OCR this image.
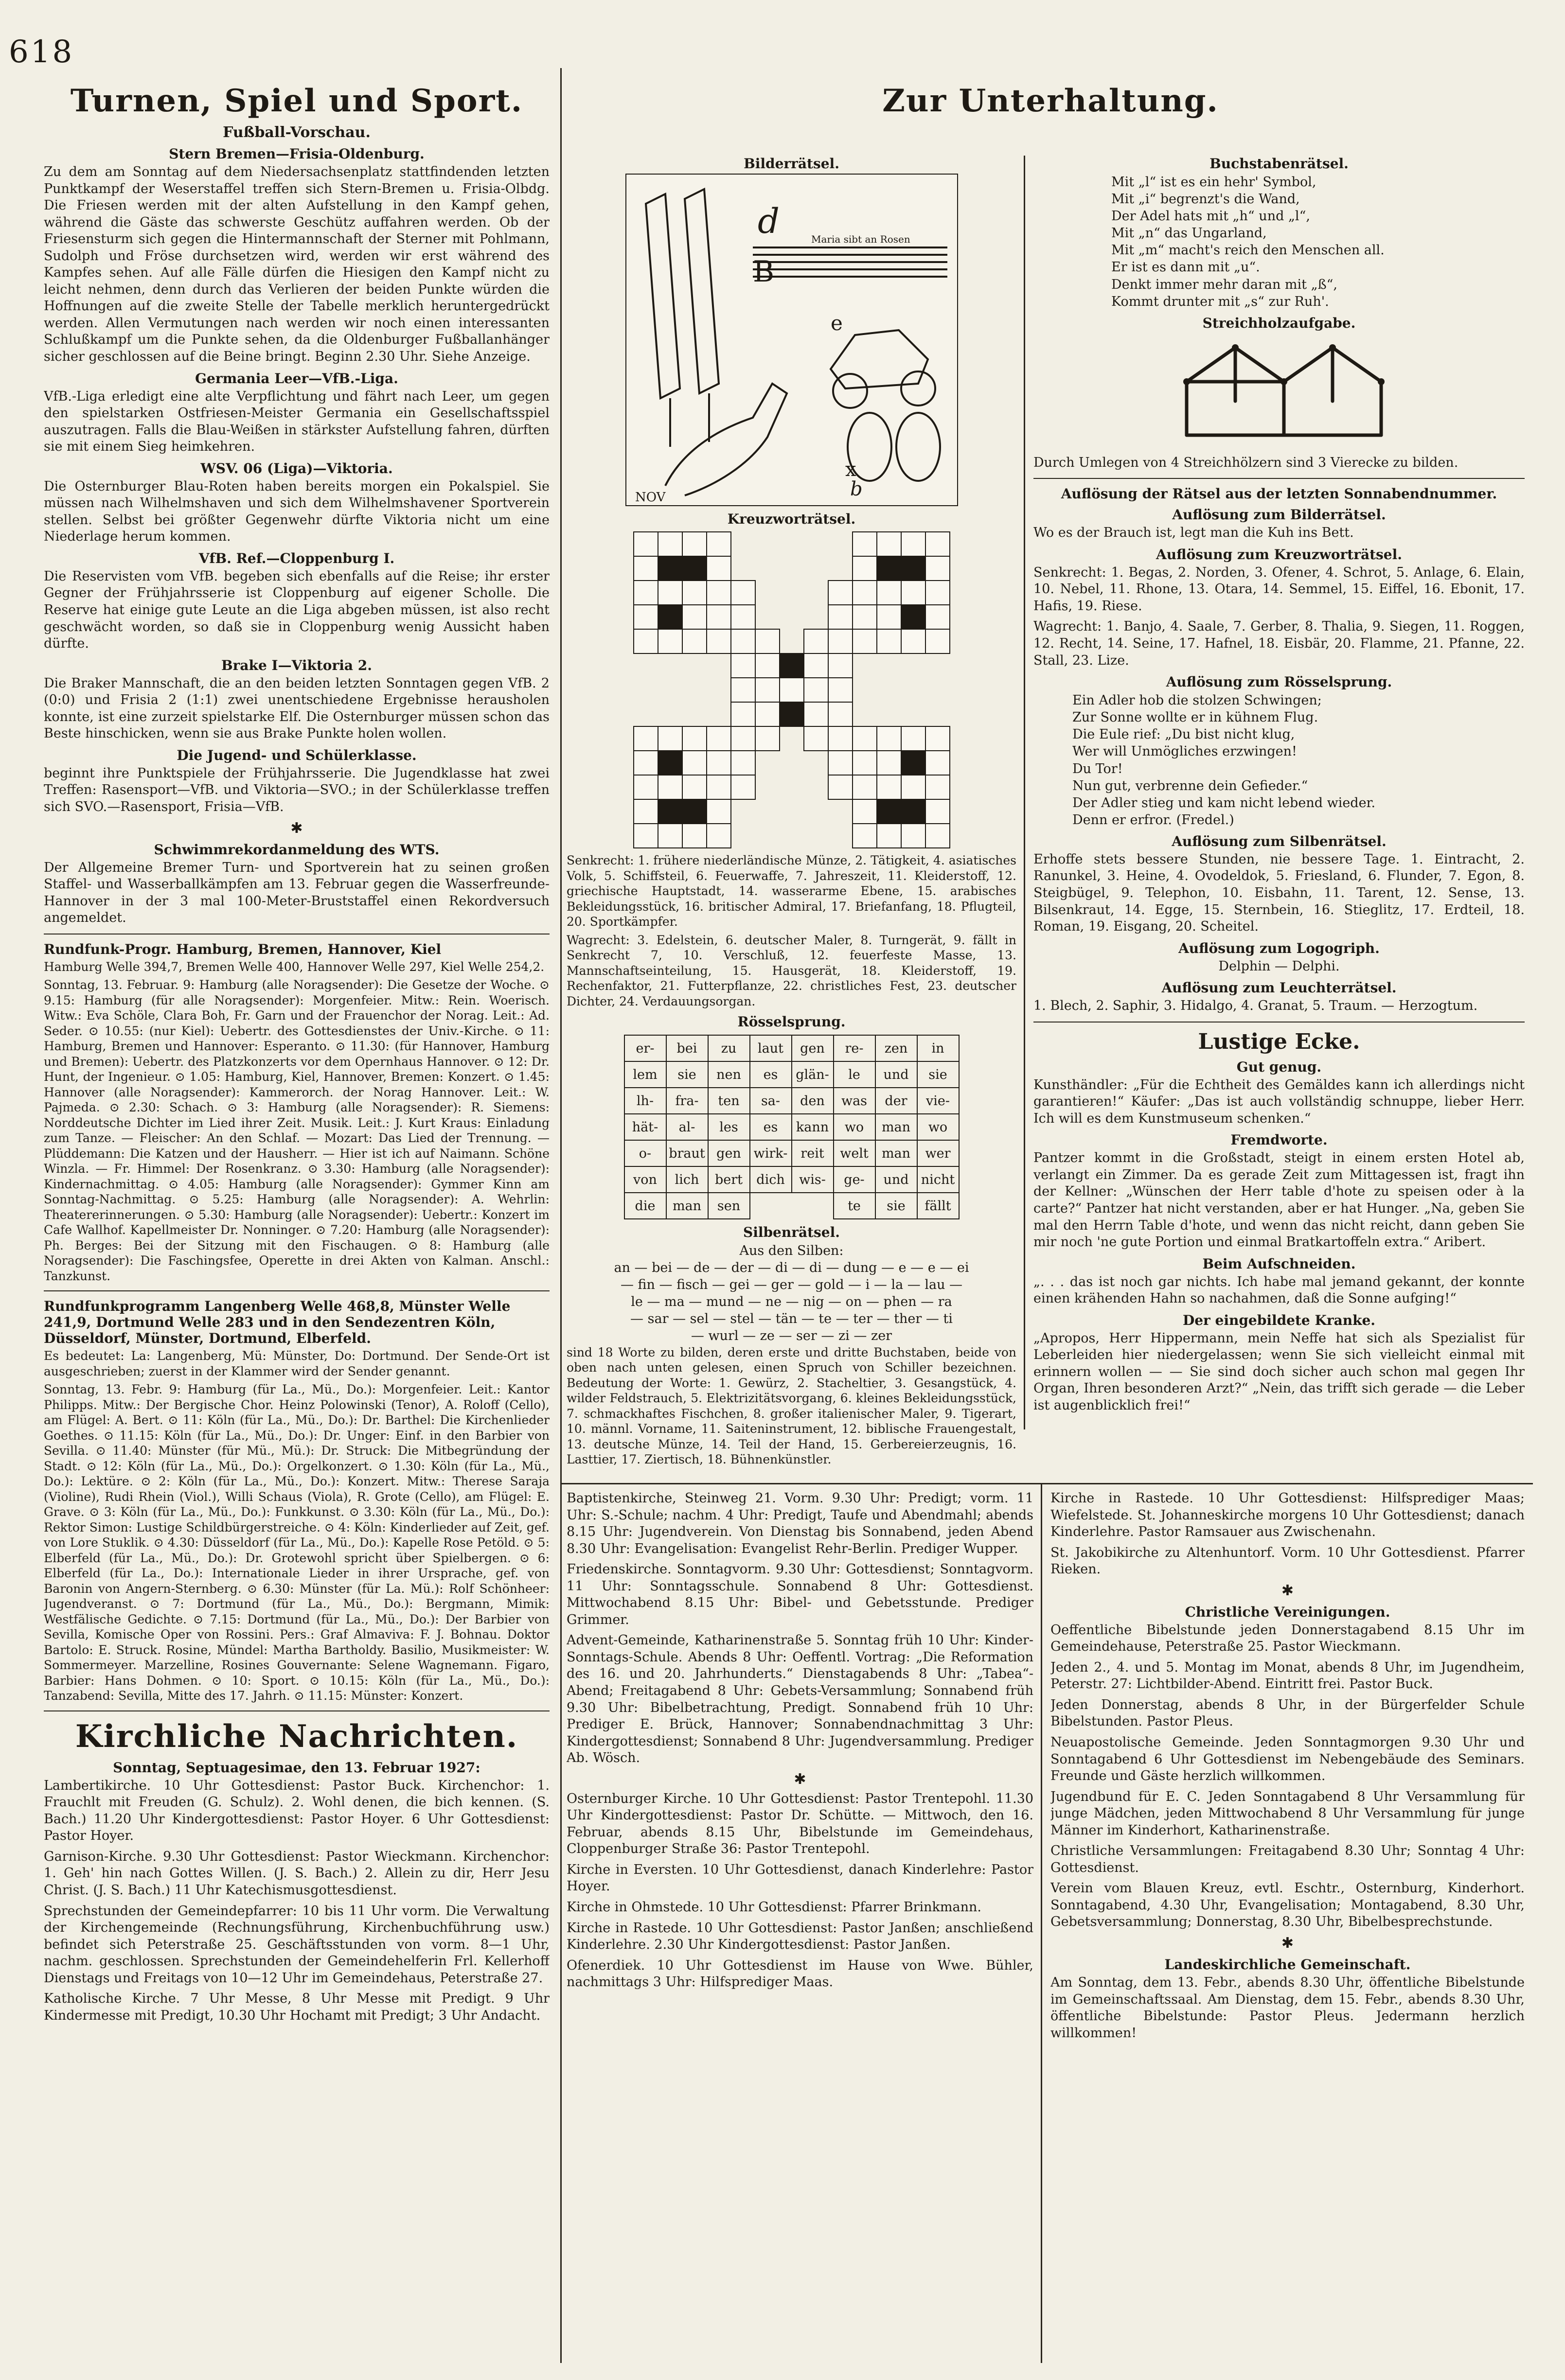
618
Turnen, Spiel und Sport.
Fußball-Vorschau.
Stern Bremen—Frisia-Oldenburg.

Zu dem am Sonntag auf dem Niedersachsenplatz stattfindenden letzten Punktkampf der Weserstaffel treffen sich Stern-Bremen u. Frisia-Olbdg. Die Friesen werden mit der alten Aufstellung in den Kampf gehen, während die Gäste das schwerste Geschütz auffahren werden. Ob der Friesensturm sich gegen die Hintermannschaft der Sterner mit Pohlmann, Sudolph und Fröse durchsetzen wird, werden wir erst während des Kampfes sehen. Auf alle Fälle dürfen die Hiesigen den Kampf nicht zu leicht nehmen, denn durch das Verlieren der beiden Punkte würden die Hoffnungen auf die zweite Stelle der Tabelle merklich heruntergedrückt werden. Allen Vermutungen nach werden wir noch einen interessanten Schlußkampf um die Punkte sehen, da die Oldenburger Fußballanhänger sicher geschlossen auf die Beine bringt. Beginn 2.30 Uhr. Siehe Anzeige.

Germania Leer—VfB.-Liga.

VfB.-Liga erledigt eine alte Verpflichtung und fährt nach Leer, um gegen den spielstarken Ostfriesen-Meister Germania ein Gesellschaftsspiel auszutragen. Falls die Blau-Weißen in stärkster Aufstellung fahren, dürften sie mit einem Sieg heimkehren.

WSV. 06 (Liga)—Viktoria.

Die Osternburger Blau-Roten haben bereits morgen ein Pokalspiel. Sie müssen nach Wilhelmshaven und sich dem Wilhelmshavener Sportverein stellen. Selbst bei größter Gegenwehr dürfte Viktoria nicht um eine Niederlage herum kommen.

VfB. Ref.—Cloppenburg I.

Die Reservisten vom VfB. begeben sich ebenfalls auf die Reise; ihr erster Gegner der Frühjahrsserie ist Cloppenburg auf eigener Scholle. Die Reserve hat einige gute Leute an die Liga abgeben müssen, ist also recht geschwächt worden, so daß sie in Cloppenburg wenig Aussicht haben dürfte.

Brake I—Viktoria 2.

Die Braker Mannschaft, die an den beiden letzten Sonntagen gegen VfB. 2 (0:0) und Frisia 2 (1:1) zwei unentschiedene Ergebnisse herausholen konnte, ist eine zurzeit spielstarke Elf. Die Osternburger müssen schon das Beste hinschicken, wenn sie aus Brake Punkte holen wollen.

Die Jugend- und Schülerklasse.

beginnt ihre Punktspiele der Frühjahrsserie. Die Jugendklasse hat zwei Treffen: Rasensport—VfB. und Viktoria—SVO.; in der Schülerklasse treffen sich SVO.—Rasensport, Frisia—VfB.

✱
Schwimmrekordanmeldung des WTS.

Der Allgemeine Bremer Turn- und Sportverein hat zu seinen großen Staffel- und Wasserballkämpfen am 13. Februar gegen die Wasserfreunde-Hannover in der 3 mal 100-Meter-Bruststaffel einen Rekordversuch angemeldet.

Rundfunk-Progr. Hamburg, Bremen, Hannover, Kiel

Hamburg Welle 394,7, Bremen Welle 400, Hannover Welle 297, Kiel Welle 254,2.

Sonntag, 13. Februar. 9: Hamburg (alle Noragsender): Die Gesetze der Woche. ⊙ 9.15: Hamburg (für alle Noragsender): Morgenfeier. Mitw.: Rein. Woerisch. Witw.: Eva Schöle, Clara Boh, Fr. Garn und der Frauenchor der Norag. Leit.: Ad. Seder. ⊙ 10.55: (nur Kiel): Uebertr. des Gottesdienstes der Univ.-Kirche. ⊙ 11: Hamburg, Bremen und Hannover: Esperanto. ⊙ 11.30: (für Hannover, Hamburg und Bremen): Uebertr. des Platzkonzerts vor dem Opernhaus Hannover. ⊙ 12: Dr. Hunt, der Ingenieur. ⊙ 1.05: Hamburg, Kiel, Hannover, Bremen: Konzert. ⊙ 1.45: Hannover (alle Noragsender): Kammerorch. der Norag Hannover. Leit.: W. Pajmeda. ⊙ 2.30: Schach. ⊙ 3: Hamburg (alle Noragsender): R. Siemens: Norddeutsche Dichter im Lied ihrer Zeit. Musik. Leit.: J. Kurt Kraus: Einladung zum Tanze. — Fleischer: An den Schlaf. — Mozart: Das Lied der Trennung. — Plüddemann: Die Katzen und der Hausherr. — Hier ist ich auf Naimann. Schöne Winzla. — Fr. Himmel: Der Rosenkranz. ⊙ 3.30: Hamburg (alle Noragsender): Kindernachmittag. ⊙ 4.05: Hamburg (alle Noragsender): Gymmer Kinn am Sonntag-Nachmittag. ⊙ 5.25: Hamburg (alle Noragsender): A. Wehrlin: Theatererinnerungen. ⊙ 5.30: Hamburg (alle Noragsender): Uebertr.: Konzert im Cafe Wallhof. Kapellmeister Dr. Nonninger. ⊙ 7.20: Hamburg (alle Noragsender): Ph. Berges: Bei der Sitzung mit den Fischaugen. ⊙ 8: Hamburg (alle Noragsender): Die Faschingsfee, Operette in drei Akten von Kalman. Anschl.: Tanzkunst.

Rundfunkprogramm Langenberg Welle 468,8, Münster Welle 241,9, Dortmund Welle 283 und in den Sendezentren Köln, Düsseldorf, Münster, Dortmund, Elberfeld.

Es bedeutet: La: Langenberg, Mü: Münster, Do: Dortmund. Der Sende-Ort ist ausgeschrieben; zuerst in der Klammer wird der Sender genannt.

Sonntag, 13. Febr. 9: Hamburg (für La., Mü., Do.): Morgenfeier. Leit.: Kantor Philipps. Mitw.: Der Bergische Chor. Heinz Polowinski (Tenor), A. Roloff (Cello), am Flügel: A. Bert. ⊙ 11: Köln (für La., Mü., Do.): Dr. Barthel: Die Kirchenlieder Goethes. ⊙ 11.15: Köln (für La., Mü., Do.): Dr. Unger: Einf. in den Barbier von Sevilla. ⊙ 11.40: Münster (für Mü., Mü.): Dr. Struck: Die Mitbegründung der Stadt. ⊙ 12: Köln (für La., Mü., Do.): Orgelkonzert. ⊙ 1.30: Köln (für La., Mü., Do.): Lektüre. ⊙ 2: Köln (für La., Mü., Do.): Konzert. Mitw.: Therese Saraja (Violine), Rudi Rhein (Viol.), Willi Schaus (Viola), R. Grote (Cello), am Flügel: E. Grave. ⊙ 3: Köln (für La., Mü., Do.): Funkkunst. ⊙ 3.30: Köln (für La., Mü., Do.): Rektor Simon: Lustige Schildbürgerstreiche. ⊙ 4: Köln: Kinderlieder auf Zeit, gef. von Lore Stuklik. ⊙ 4.30: Düsseldorf (für La., Mü., Do.): Kapelle Rose Petöld. ⊙ 5: Elberfeld (für La., Mü., Do.): Dr. Grotewohl spricht über Spielbergen. ⊙ 6: Elberfeld (für La., Do.): Internationale Lieder in ihrer Ursprache, gef. von Baronin von Angern-Sternberg. ⊙ 6.30: Münster (für La. Mü.): Rolf Schönheer: Jugendveranst. ⊙ 7: Dortmund (für La., Mü., Do.): Bergmann, Mimik: Westfälische Gedichte. ⊙ 7.15: Dortmund (für La., Mü., Do.): Der Barbier von Sevilla, Komische Oper von Rossini. Pers.: Graf Almaviva: F. J. Bohnau. Doktor Bartolo: E. Struck. Rosine, Mündel: Martha Bartholdy. Basilio, Musikmeister: W. Sommermeyer. Marzelline, Rosines Gouvernante: Selene Wagnemann. Figaro, Barbier: Hans Dohmen. ⊙ 10: Sport. ⊙ 10.15: Köln (für La., Mü., Do.): Tanzabend: Sevilla, Mitte des 17. Jahrh. ⊙ 11.15: Münster: Konzert.

Kirchliche Nachrichten.
Sonntag, Septuagesimae, den 13. Februar 1927:

Lambertikirche. 10 Uhr Gottesdienst: Pastor Buck. Kirchenchor: 1. Frauchlt mit Freuden (G. Schulz). 2. Wohl denen, die bich kennen. (S. Bach.) 11.20 Uhr Kindergottesdienst: Pastor Hoyer. 6 Uhr Gottesdienst: Pastor Hoyer.

Garnison-Kirche. 9.30 Uhr Gottesdienst: Pastor Wieckmann. Kirchenchor: 1. Geh' hin nach Gottes Willen. (J. S. Bach.) 2. Allein zu dir, Herr Jesu Christ. (J. S. Bach.) 11 Uhr Katechismusgottesdienst.

Sprechstunden der Gemeindepfarrer: 10 bis 11 Uhr vorm. Die Verwaltung der Kirchengemeinde (Rechnungsführung, Kirchenbuchführung usw.) befindet sich Peterstraße 25. Geschäftsstunden von vorm. 8—1 Uhr, nachm. geschlossen. Sprechstunden der Gemeindehelferin Frl. Kellerhoff Dienstags und Freitags von 10—12 Uhr im Gemeindehaus, Peterstraße 27.

Katholische Kirche. 7 Uhr Messe, 8 Uhr Messe mit Predigt. 9 Uhr Kindermesse mit Predigt, 10.30 Uhr Hochamt mit Predigt; 3 Uhr Andacht.

Zur Unterhaltung.
Bilderrätsel.
d
B
Maria sibt an Rosen
e
x
b
NOV
Kreuzworträtsel.

Senkrecht: 1. frühere niederländische Münze, 2. Tätigkeit, 4. asiatisches Volk, 5. Schiffsteil, 6. Feuerwaffe, 7. Jahreszeit, 11. Kleiderstoff, 12. griechische Hauptstadt, 14. wasserarme Ebene, 15. arabisches Bekleidungsstück, 16. britischer Admiral, 17. Briefanfang, 18. Pflugteil, 20. Sportkämpfer.

Wagrecht: 3. Edelstein, 6. deutscher Maler, 8. Turngerät, 9. fällt in Senkrecht 7, 10. Verschluß, 12. feuerfeste Masse, 13. Mannschaftseinteilung, 15. Hausgerät, 18. Kleiderstoff, 19. Rechenfaktor, 21. Futterpflanze, 22. christliches Fest, 23. deutscher Dichter, 24. Verdauungsorgan.

Rösselsprung.
er-	bei	zu	laut	gen	re-	zen	in
lem	sie	nen	es	glän-	le	und	sie
lh-	fra-	ten	sa-	den	was	der	vie-
hät-	al-	les	es	kann	wo	man	wo
o-	braut	gen	wirk-	reit	welt	man	wer
von	lich	bert	dich	wis-	ge-	und	nicht
die	man	sen			te	sie	fällt
Silbenrätsel.
Aus den Silben:
an — bei — de — der — di — di — dung — e — e — ei
— fin — fisch — gei — ger — gold — i — la — lau —
le — ma — mund — ne — nig — on — phen — ra
— sar — sel — stel — tän — te — ter — ther — ti
— wurl — ze — ser — zi — zer

sind 18 Worte zu bilden, deren erste und dritte Buchstaben, beide von oben nach unten gelesen, einen Spruch von Schiller bezeichnen. Bedeutung der Worte: 1. Gewürz, 2. Stacheltier, 3. Gesangstück, 4. wilder Feldstrauch, 5. Elektrizitätsvorgang, 6. kleines Bekleidungsstück, 7. schmackhaftes Fischchen, 8. großer italienischer Maler, 9. Tigerart, 10. männl. Vorname, 11. Saiteninstrument, 12. biblische Frauengestalt, 13. deutsche Münze, 14. Teil der Hand, 15. Gerbereierzeugnis, 16. Lasttier, 17. Ziertisch, 18. Bühnenkünstler.

Buchstabenrätsel.
Mit „l“ ist es ein hehr' Symbol,
Mit „i“ begrenzt's die Wand,
Der Adel hats mit „h“ und „l“,
Mit „n“ das Ungarland,
Mit „m“ macht's reich den Menschen all.
Er ist es dann mit „u“.
Denkt immer mehr daran mit „ß“,
Kommt drunter mit „s“ zur Ruh'.
Streichholzaufgabe.

Durch Umlegen von 4 Streichhölzern sind 3 Vierecke zu bilden.

Auflösung der Rätsel aus der letzten Sonnabendnummer.
Auflösung zum Bilderrätsel.

Wo es der Brauch ist, legt man die Kuh ins Bett.

Auflösung zum Kreuzworträtsel.

Senkrecht: 1. Begas, 2. Norden, 3. Ofener, 4. Schrot, 5. Anlage, 6. Elain, 10. Nebel, 11. Rhone, 13. Otara, 14. Semmel, 15. Eiffel, 16. Ebonit, 17. Hafis, 19. Riese.

Wagrecht: 1. Banjo, 4. Saale, 7. Gerber, 8. Thalia, 9. Siegen, 11. Roggen, 12. Recht, 14. Seine, 17. Hafnel, 18. Eisbär, 20. Flamme, 21. Pfanne, 22. Stall, 23. Lize.

Auflösung zum Rösselsprung.
Ein Adler hob die stolzen Schwingen;
Zur Sonne wollte er in kühnem Flug.
Die Eule rief: „Du bist nicht klug,
Wer will Unmögliches erzwingen!
Du Tor!
Nun gut, verbrenne dein Gefieder.“
Der Adler stieg und kam nicht lebend wieder.
Denn er erfror. (Fredel.)
Auflösung zum Silbenrätsel.

Erhoffe stets bessere Stunden, nie bessere Tage. 1. Eintracht, 2. Ranunkel, 3. Heine, 4. Ovodeldok, 5. Friesland, 6. Flunder, 7. Egon, 8. Steigbügel, 9. Telephon, 10. Eisbahn, 11. Tarent, 12. Sense, 13. Bilsenkraut, 14. Egge, 15. Sternbein, 16. Stieglitz, 17. Erdteil, 18. Roman, 19. Eisgang, 20. Scheitel.

Auflösung zum Logogriph.

Delphin — Delphi.

Auflösung zum Leuchterrätsel.

1. Blech, 2. Saphir, 3. Hidalgo, 4. Granat, 5. Traum. — Herzogtum.

Lustige Ecke.
Gut genug.

Kunsthändler: „Für die Echtheit des Gemäldes kann ich allerdings nicht garantieren!“ Käufer: „Das ist auch vollständig schnuppe, lieber Herr. Ich will es dem Kunstmuseum schenken.“

Fremdworte.

Pantzer kommt in die Großstadt, steigt in einem ersten Hotel ab, verlangt ein Zimmer. Da es gerade Zeit zum Mittagessen ist, fragt ihn der Kellner: „Wünschen der Herr table d'hote zu speisen oder à la carte?“ Pantzer hat nicht verstanden, aber er hat Hunger. „Na, geben Sie mal den Herrn Table d'hote, und wenn das nicht reicht, dann geben Sie mir noch 'ne gute Portion und einmal Bratkartoffeln extra.“ Aribert.

Beim Aufschneiden.

„. . . das ist noch gar nichts. Ich habe mal jemand gekannt, der konnte einen krähenden Hahn so nachahmen, daß die Sonne aufging!“

Der eingebildete Kranke.

„Apropos, Herr Hippermann, mein Neffe hat sich als Spezialist für Leberleiden hier niedergelassen; wenn Sie sich vielleicht einmal mit erinnern wollen — — Sie sind doch sicher auch schon mal gegen Ihr Organ, Ihren besonderen Arzt?“ „Nein, das trifft sich gerade — die Leber ist augenblicklich frei!“

Baptistenkirche, Steinweg 21. Vorm. 9.30 Uhr: Predigt; vorm. 11 Uhr: S.-Schule; nachm. 4 Uhr: Predigt, Taufe und Abendmahl; abends 8.15 Uhr: Jugendverein. Von Dienstag bis Sonnabend, jeden Abend 8.30 Uhr: Evangelisation: Evangelist Rehr-Berlin. Prediger Wupper.

Friedenskirche. Sonntagvorm. 9.30 Uhr: Gottesdienst; Sonntagvorm. 11 Uhr: Sonntagsschule. Sonnabend 8 Uhr: Gottesdienst. Mittwochabend 8.15 Uhr: Bibel- und Gebetsstunde. Prediger Grimmer.

Advent-Gemeinde, Katharinenstraße 5. Sonntag früh 10 Uhr: Kinder-Sonntags-Schule. Abends 8 Uhr: Oeffentl. Vortrag: „Die Reformation des 16. und 20. Jahrhunderts.“ Dienstagabends 8 Uhr: „Tabea“-Abend; Freitagabend 8 Uhr: Gebets-Versammlung; Sonnabend früh 9.30 Uhr: Bibelbetrachtung, Predigt. Sonnabend früh 10 Uhr: Prediger E. Brück, Hannover; Sonnabendnachmittag 3 Uhr: Kindergottesdienst; Sonnabend 8 Uhr: Jugendversammlung. Prediger Ab. Wösch.

✱

Osternburger Kirche. 10 Uhr Gottesdienst: Pastor Trentepohl. 11.30 Uhr Kindergottesdienst: Pastor Dr. Schütte. — Mittwoch, den 16. Februar, abends 8.15 Uhr, Bibelstunde im Gemeindehaus, Cloppenburger Straße 36: Pastor Trentepohl.

Kirche in Eversten. 10 Uhr Gottesdienst, danach Kinderlehre: Pastor Hoyer.

Kirche in Ohmstede. 10 Uhr Gottesdienst: Pfarrer Brinkmann.

Kirche in Rastede. 10 Uhr Gottesdienst: Pastor Janßen; anschließend Kinderlehre. 2.30 Uhr Kindergottesdienst: Pastor Janßen.

Ofenerdiek. 10 Uhr Gottesdienst im Hause von Wwe. Bühler, nachmittags 3 Uhr: Hilfsprediger Maas.

Kirche in Rastede. 10 Uhr Gottesdienst: Hilfsprediger Maas; Wiefelstede. St. Johanneskirche morgens 10 Uhr Gottesdienst; danach Kinderlehre. Pastor Ramsauer aus Zwischenahn.

St. Jakobikirche zu Altenhuntorf. Vorm. 10 Uhr Gottesdienst. Pfarrer Rieken.

✱
Christliche Vereinigungen.

Oeffentliche Bibelstunde jeden Donnerstagabend 8.15 Uhr im Gemeindehause, Peterstraße 25. Pastor Wieckmann.

Jeden 2., 4. und 5. Montag im Monat, abends 8 Uhr, im Jugendheim, Peterstr. 27: Lichtbilder-Abend. Eintritt frei. Pastor Buck.

Jeden Donnerstag, abends 8 Uhr, in der Bürgerfelder Schule Bibelstunden. Pastor Pleus.

Neuapostolische Gemeinde. Jeden Sonntagmorgen 9.30 Uhr und Sonntagabend 6 Uhr Gottesdienst im Nebengebäude des Seminars. Freunde und Gäste herzlich willkommen.

Jugendbund für E. C. Jeden Sonntagabend 8 Uhr Versammlung für junge Mädchen, jeden Mittwochabend 8 Uhr Versammlung für junge Männer im Kinderhort, Katharinenstraße.

Christliche Versammlungen: Freitagabend 8.30 Uhr; Sonntag 4 Uhr: Gottesdienst.

Verein vom Blauen Kreuz, evtl. Eschtr., Osternburg, Kinderhort. Sonntagabend, 4.30 Uhr, Evangelisation; Montagabend, 8.30 Uhr, Gebetsversammlung; Donnerstag, 8.30 Uhr, Bibelbesprechstunde.

✱
Landeskirchliche Gemeinschaft.

Am Sonntag, dem 13. Febr., abends 8.30 Uhr, öffentliche Bibelstunde im Gemeinschaftssaal. Am Dienstag, dem 15. Febr., abends 8.30 Uhr, öffentliche Bibelstunde: Pastor Pleus. Jedermann herzlich willkommen!
